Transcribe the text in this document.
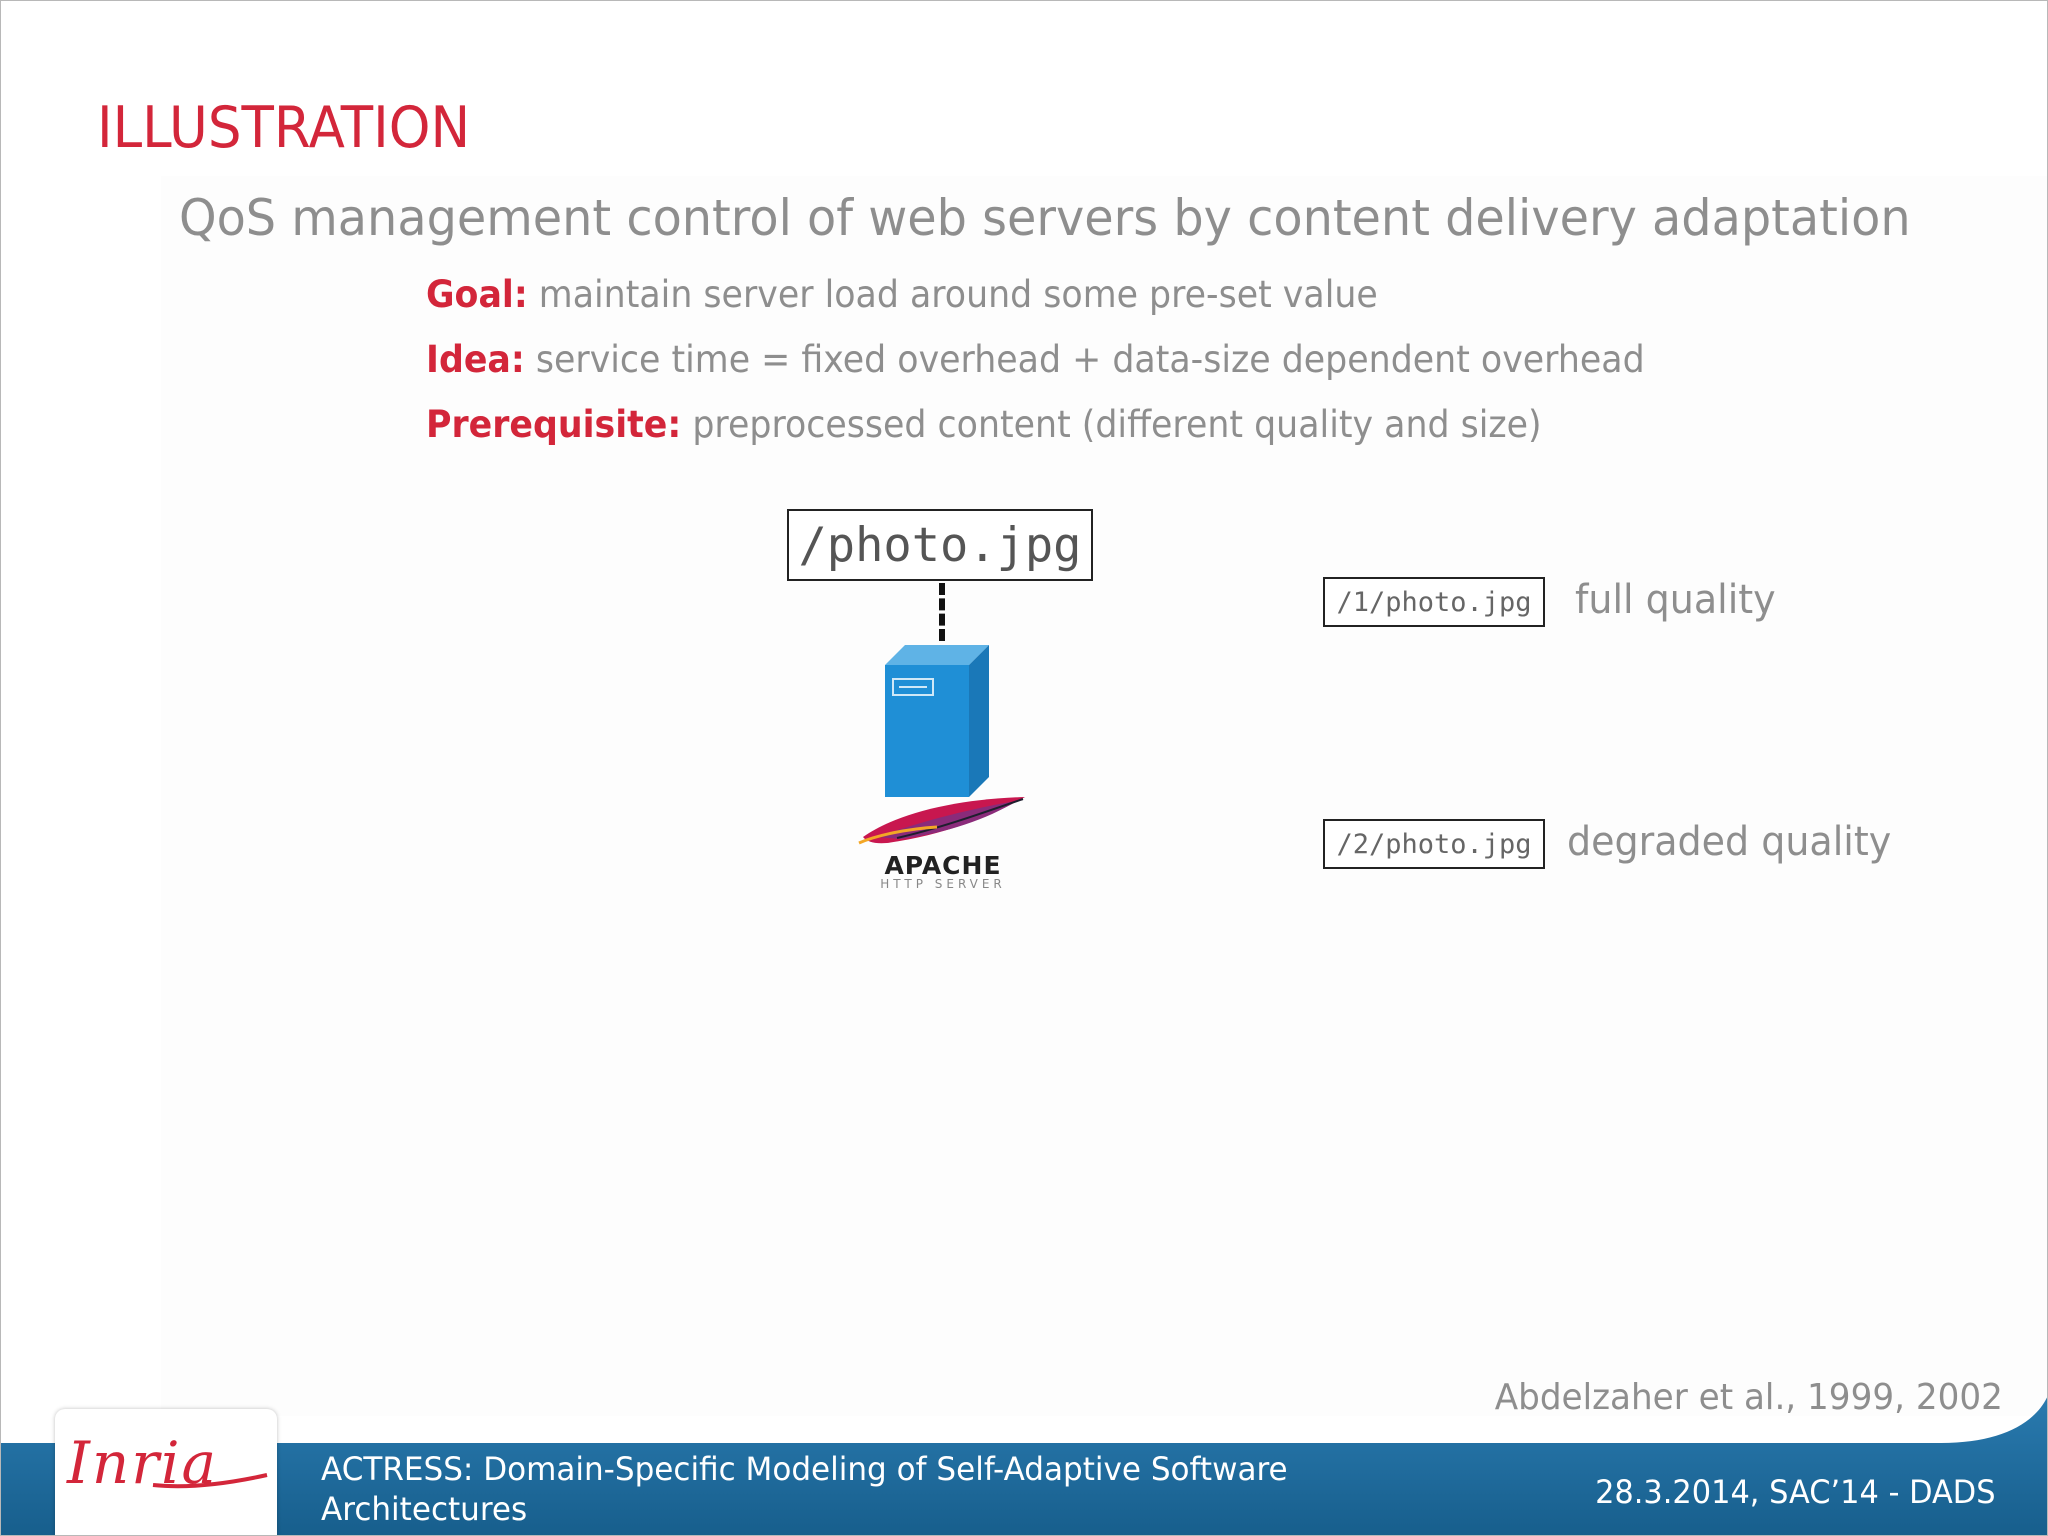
ILLUSTRATION
QoS management control of web servers by content delivery adaptation
Goal: maintain server load around some pre-set value
Idea: service time = fixed overhead + data-size dependent overhead
Prerequisite: preprocessed content (different quality and size)
/photo.jpg
APACHE
HTTP SERVER
/1/photo.jpg	full quality
/2/photo.jpg degraded quality
Abdelzaher et al., 1999, 2002
Inria	ACTRESS: Domain-Specific Modeling of Self-Adaptive Software Architectures	28.3.2014, SAC’14 - DADS
